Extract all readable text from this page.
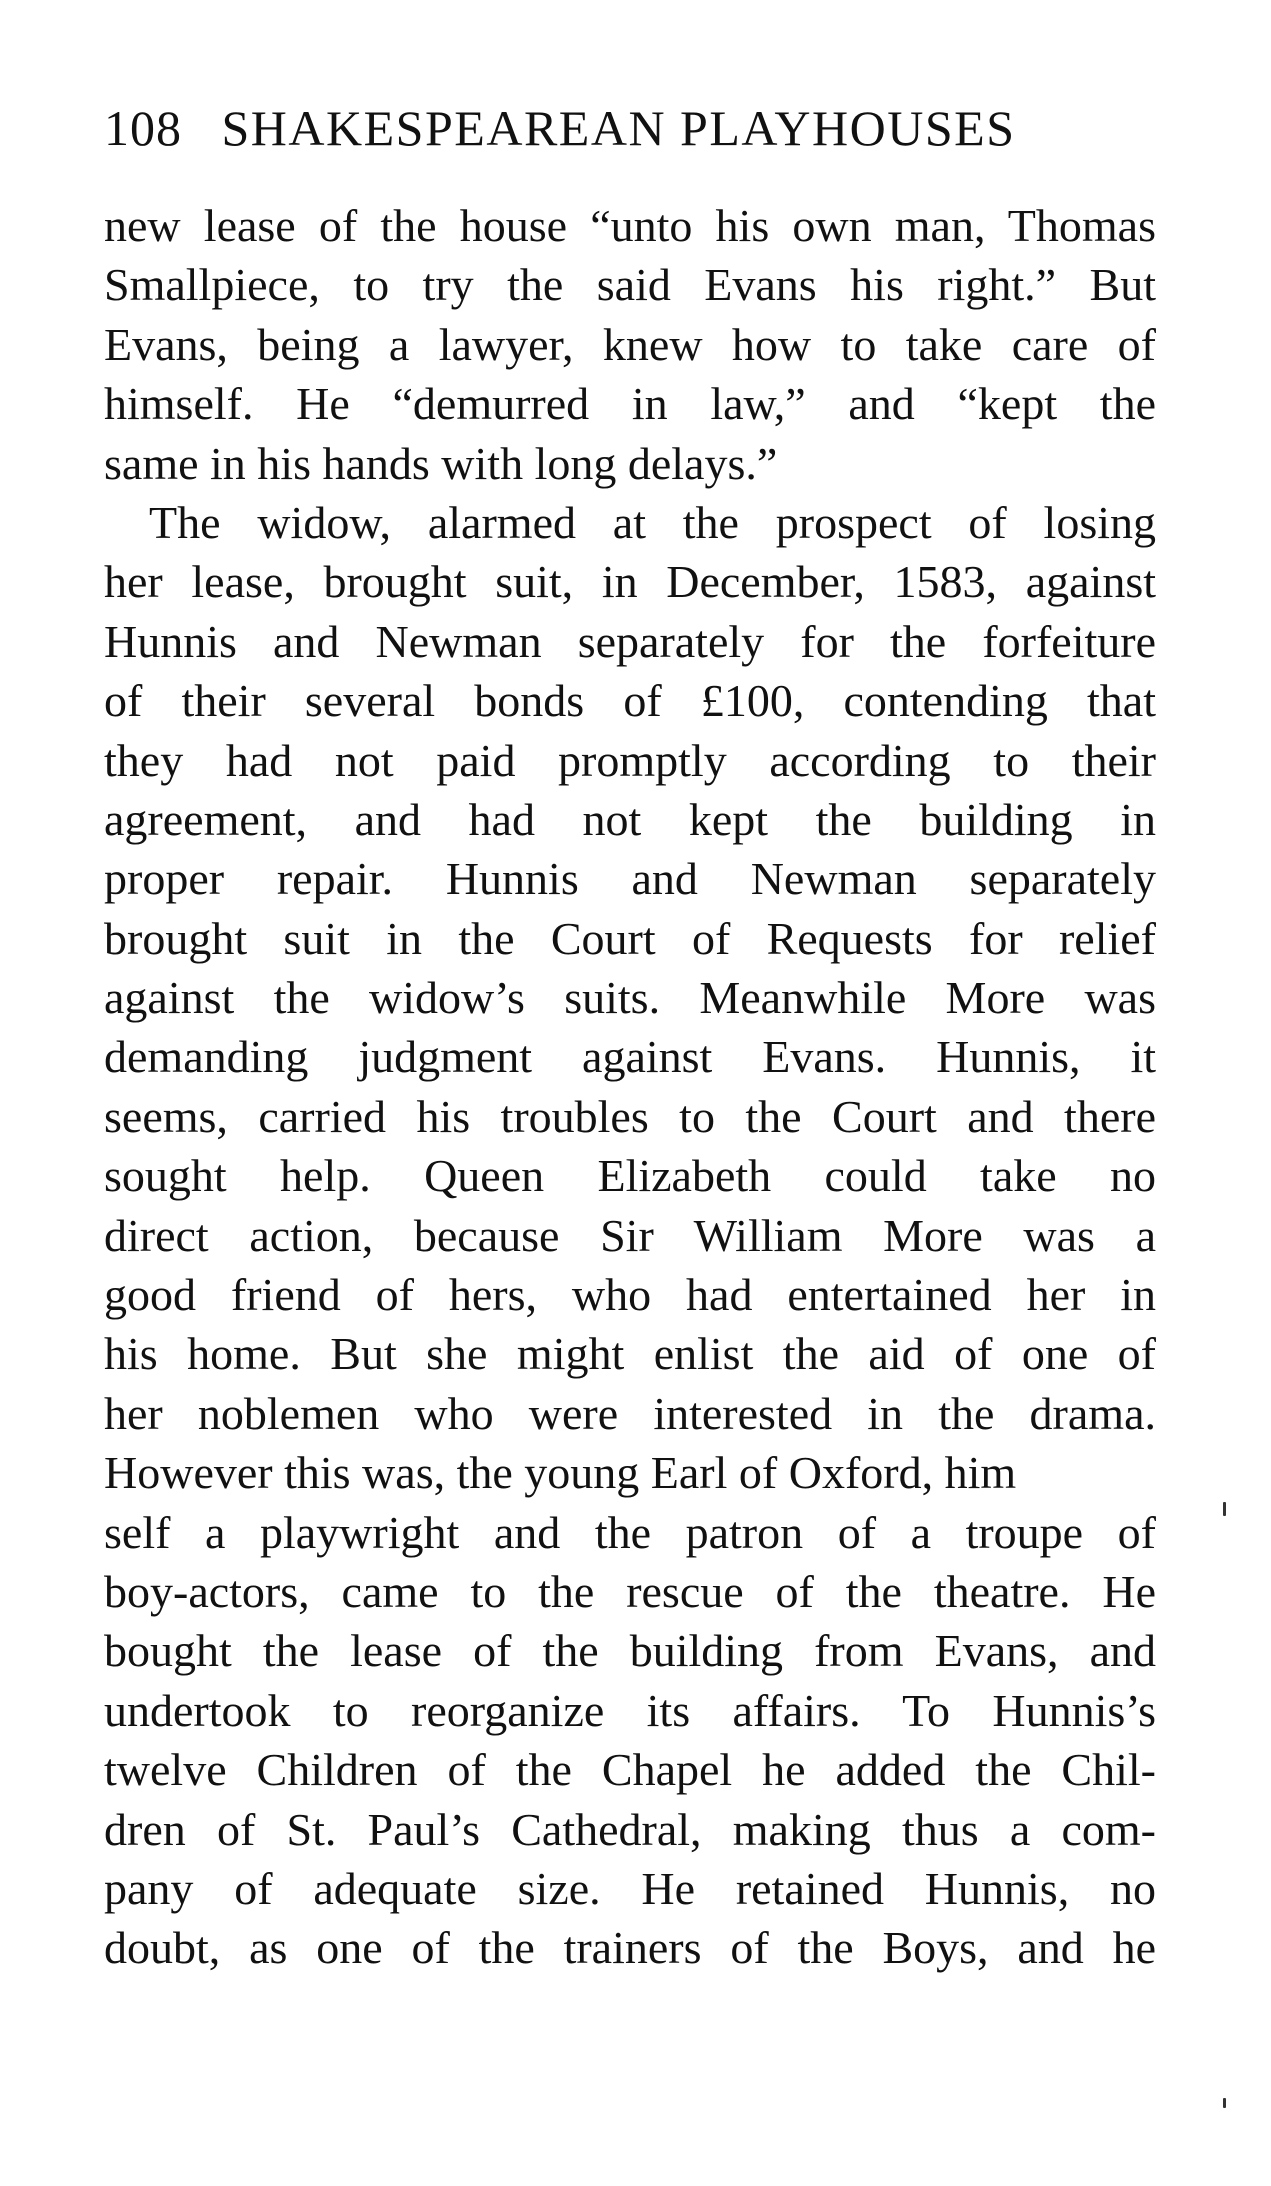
108 SHAKESPEAREAN PLAYHOUSES
new lease of the house “unto his own man, Thomas
Smallpiece, to try the said Evans his right.” But
Evans, being a lawyer, knew how to take care of
himself. He “demurred in law,” and “kept the
same in his hands with long delays.”
The widow, alarmed at the prospect of losing
her lease, brought suit, in December, 1583, against
Hunnis and Newman separately for the forfeiture
of their several bonds of £100, contending that
they had not paid promptly according to their
agreement, and had not kept the building in
proper repair. Hunnis and Newman separately
brought suit in the Court of Requests for relief
against the widow’s suits. Meanwhile More was
demanding judgment against Evans. Hunnis, it
seems, carried his troubles to the Court and there
sought help. Queen Elizabeth could take no
direct action, because Sir William More was a
good friend of hers, who had entertained her in
his home. But she might enlist the aid of one of
her noblemen who were interested in the drama.
However this was, the young Earl of Oxford, him
self a playwright and the patron of a troupe of
boy-actors, came to the rescue of the theatre. He
bought the lease of the building from Evans, and
undertook to reorganize its affairs. To Hunnis’s
twelve Children of the Chapel he added the Chil-
dren of St. Paul’s Cathedral, making thus a com-
pany of adequate size. He retained Hunnis, no
doubt, as one of the trainers of the Boys, and he
